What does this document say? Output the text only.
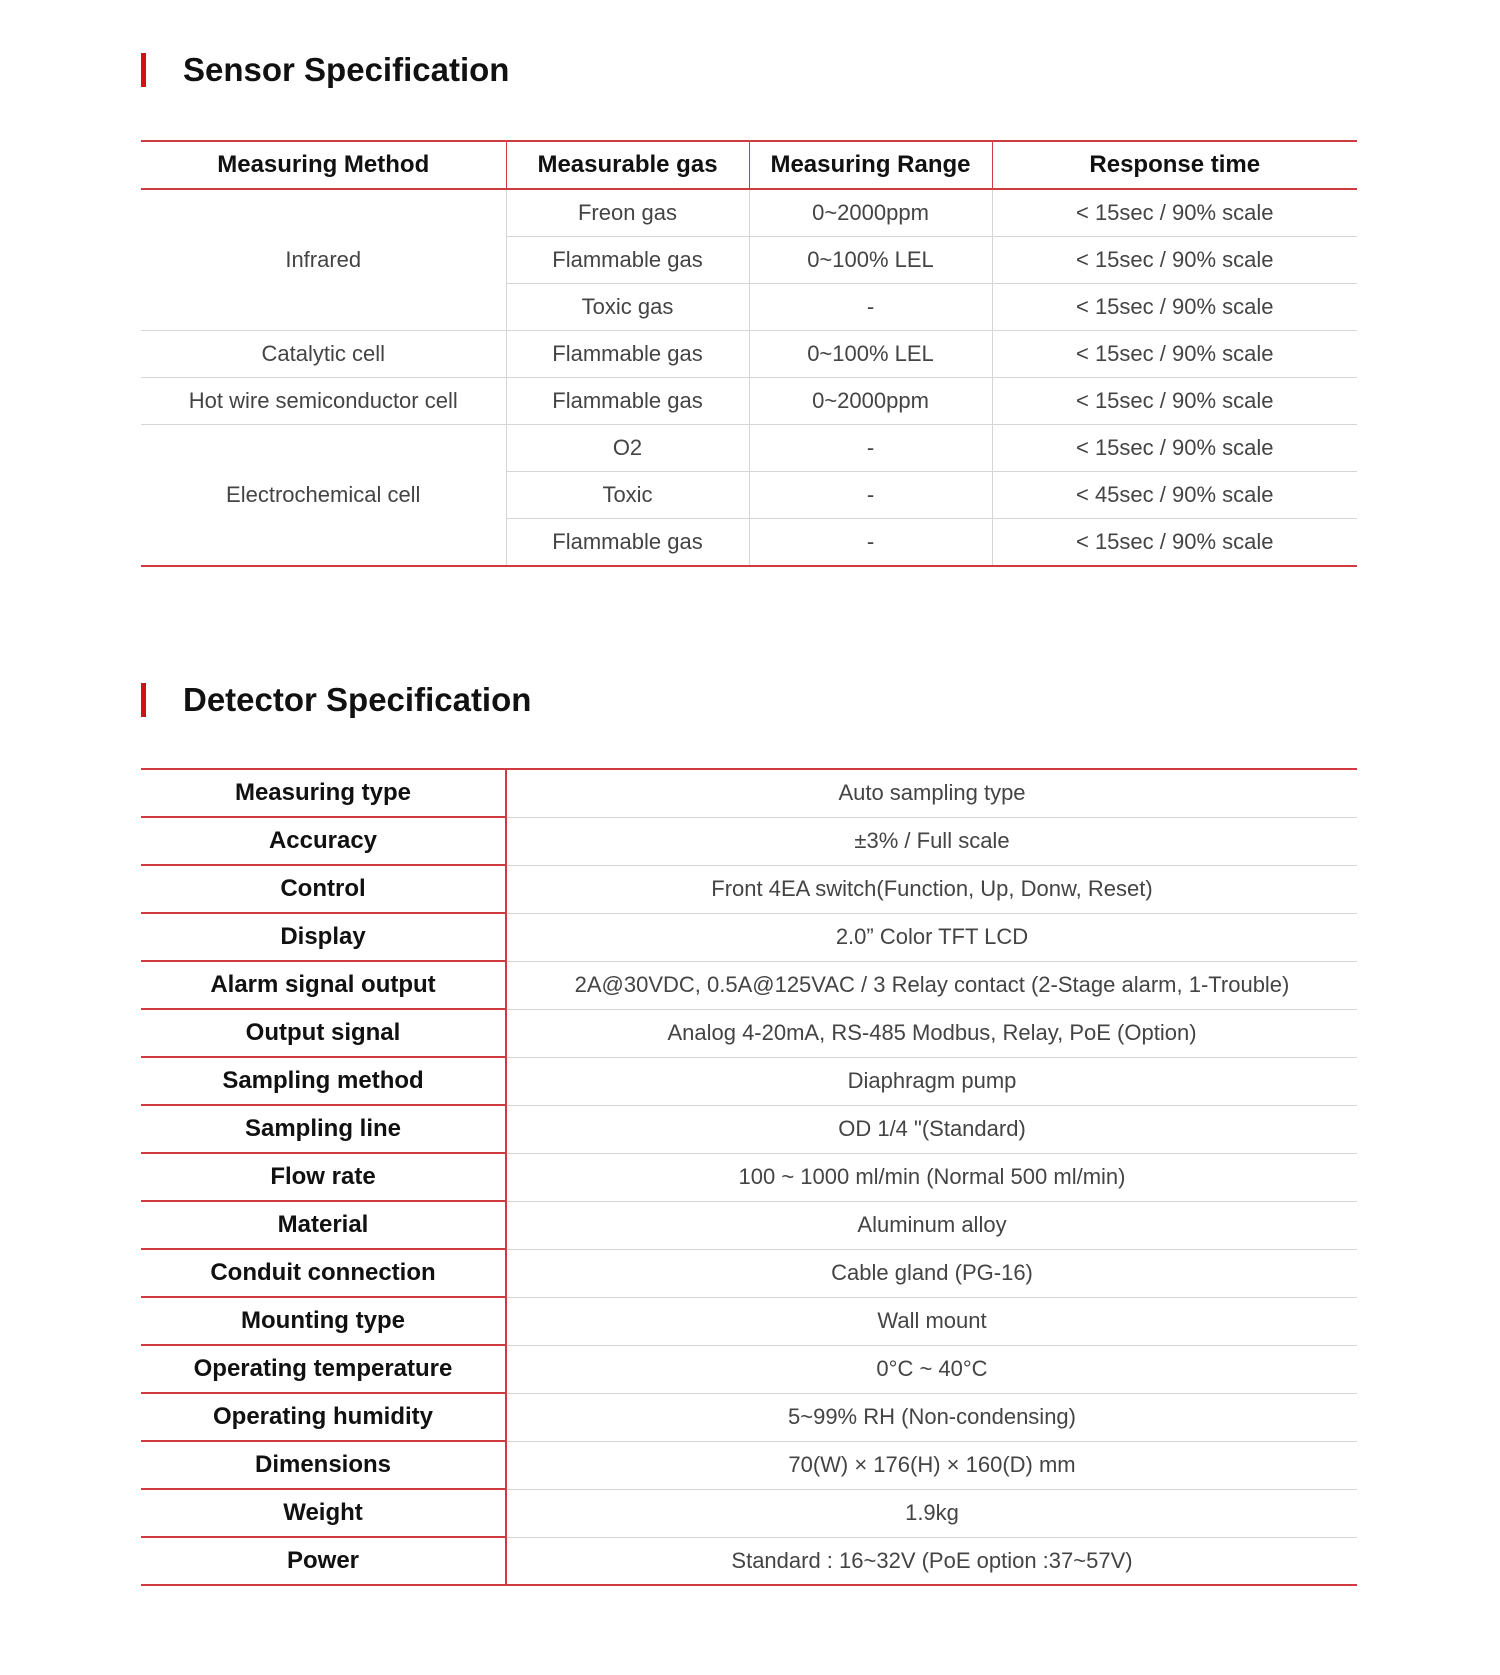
Sensor Specification
Measuring Method	Measurable gas	Measuring Range	Response time
Infrared	Freon gas	0~2000ppm	< 15sec / 90% scale
	Flammable gas	0~100% LEL	< 15sec / 90% scale
	Toxic gas	-	< 15sec / 90% scale
Catalytic cell	Flammable gas	0~100% LEL	< 15sec / 90% scale
Hot wire semiconductor cell	Flammable gas	0~2000ppm	< 15sec / 90% scale
Electrochemical cell	O2	-	< 15sec / 90% scale
	Toxic	-	< 45sec / 90% scale
	Flammable gas	-	< 15sec / 90% scale
Detector Specification
Measuring type	Auto sampling type
Accuracy	±3% / Full scale
Control	Front 4EA switch(Function, Up, Donw, Reset)
Display	2.0” Color TFT LCD
Alarm signal output	2A@30VDC, 0.5A@125VAC / 3 Relay contact (2-Stage alarm, 1-Trouble)
Output signal	Analog 4-20mA, RS-485 Modbus, Relay, PoE (Option)
Sampling method	Diaphragm pump
Sampling line	OD 1/4 "(Standard)
Flow rate	100 ~ 1000 ml/min (Normal 500 ml/min)
Material	Aluminum alloy
Conduit connection	Cable gland (PG-16)
Mounting type	Wall mount
Operating temperature	0°C ~ 40°C
Operating humidity	5~99% RH (Non-condensing)
Dimensions	70(W) × 176(H) × 160(D) mm
Weight	1.9kg
Power	Standard : 16~32V (PoE option :37~57V)
